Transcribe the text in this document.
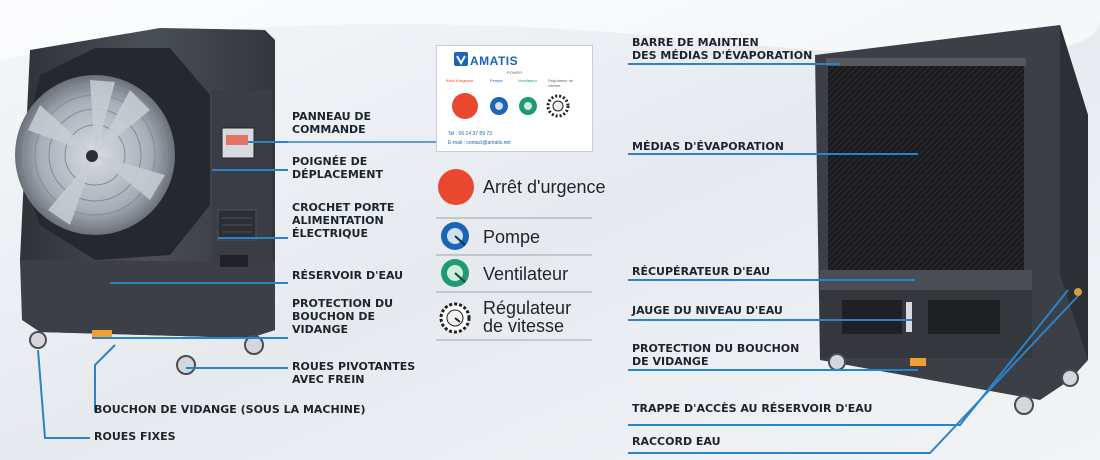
AMATIS
POWER
Arrêt d'urgence	Pompe	Ventilateur	Régulateur de vitesse
Tel : 06 14 37 89 73
E-mail : contact@amatis.net
Arrêt d'urgence
Pompe
Ventilateur
Régulateur
de vitesse
PANNEAU DE
COMMANDE
POIGNÉE DE
DÉPLACEMENT
CROCHET PORTE
ALIMENTATION
ÉLECTRIQUE
RÉSERVOIR D'EAU
PROTECTION DU
BOUCHON DE
VIDANGE
ROUES PIVOTANTES
AVEC FREIN
BOUCHON DE VIDANGE (SOUS LA MACHINE)
ROUES FIXES
BARRE DE MAINTIEN
DES MÉDIAS D'ÉVAPORATION
MÉDIAS D'ÉVAPORATION
RÉCUPÉRATEUR D'EAU
JAUGE DU NIVEAU D'EAU
PROTECTION DU BOUCHON
DE VIDANGE
TRAPPE D'ACCÈS AU RÉSERVOIR D'EAU
RACCORD EAU
